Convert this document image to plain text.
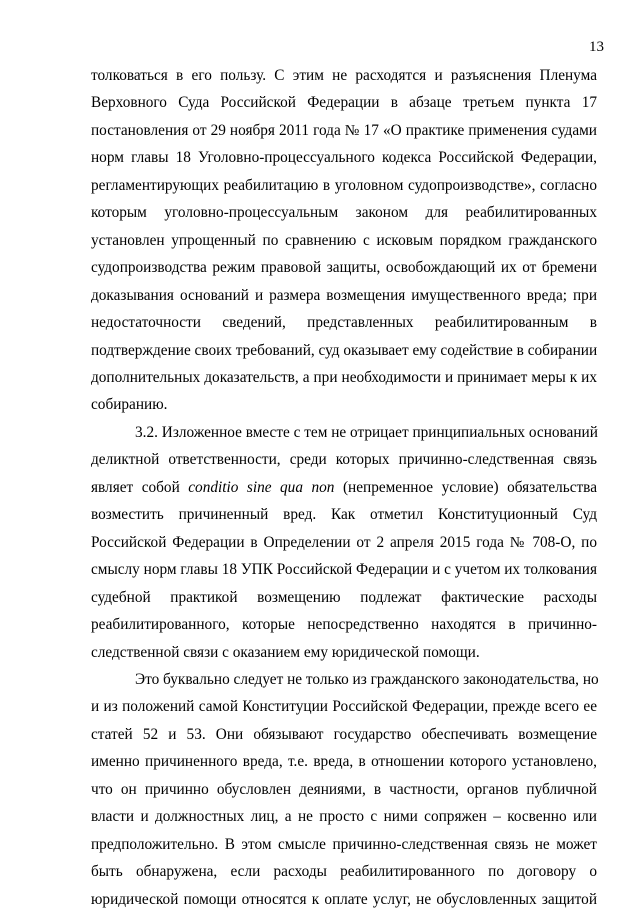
13
толковаться в его пользу. С этим не расходятся и разъяснения Пленума
Верховного Суда Российской Федерации в абзаце третьем пункта 17
постановления от 29 ноября 2011 года № 17 «О практике применения судами
норм главы 18 Уголовно-процессуального кодекса Российской Федерации,
регламентирующих реабилитацию в уголовном судопроизводстве», согласно
которым уголовно-процессуальным законом для реабилитированных
установлен упрощенный по сравнению с исковым порядком гражданского
судопроизводства режим правовой защиты, освобождающий их от бремени
доказывания оснований и размера возмещения имущественного вреда; при
недостаточности сведений, представленных реабилитированным в
подтверждение своих требований, суд оказывает ему содействие в собирании
дополнительных доказательств, а при необходимости и принимает меры к их
собиранию.
3.2. Изложенное вместе с тем не отрицает принципиальных оснований
деликтной ответственности, среди которых причинно-следственная связь
являет собой conditio sine qua non (непременное условие) обязательства
возместить причиненный вред. Как отметил Конституционный Суд
Российской Федерации в Определении от 2 апреля 2015 года № 708-О, по
смыслу норм главы 18 УПК Российской Федерации и с учетом их толкования
судебной практикой возмещению подлежат фактические расходы
реабилитированного, которые непосредственно находятся в причинно-
следственной связи с оказанием ему юридической помощи.
Это буквально следует не только из гражданского законодательства, но
и из положений самой Конституции Российской Федерации, прежде всего ее
статей 52 и 53. Они обязывают государство обеспечивать возмещение
именно причиненного вреда, т.е. вреда, в отношении которого установлено,
что он причинно обусловлен деяниями, в частности, органов публичной
власти и должностных лиц, а не просто с ними сопряжен – косвенно или
предположительно. В этом смысле причинно-следственная связь не может
быть обнаружена, если расходы реабилитированного по договору о
юридической помощи относятся к оплате услуг, не обусловленных защитой
